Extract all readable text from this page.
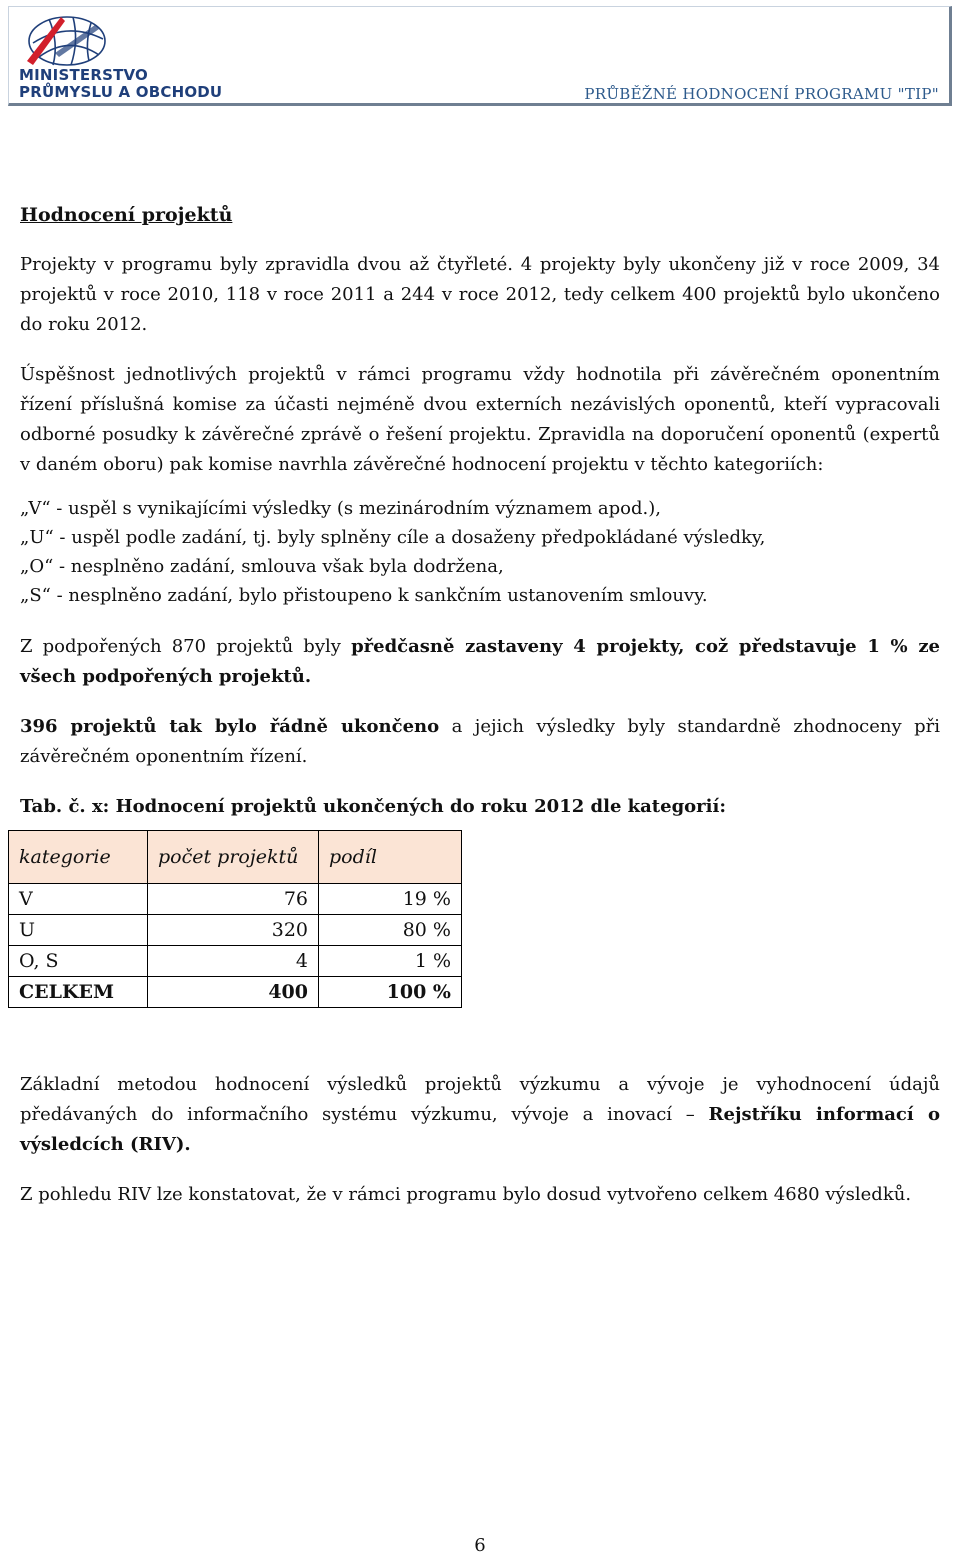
MINISTERSTVO
PRŮMYSLU A OBCHODU	PRŮBĚŽNÉ HODNOCENÍ PROGRAMU "TIP"
Hodnocení projektů

Projekty v programu byly zpravidla dvou až čtyřleté. 4 projekty byly ukončeny již v roce 2009, 34 projektů v roce 2010, 118 v roce 2011 a 244 v roce 2012, tedy celkem 400 projektů bylo ukončeno do roku 2012.

Úspěšnost jednotlivých projektů v rámci programu vždy hodnotila při závěrečném oponentním řízení příslušná komise za účasti nejméně dvou externích nezávislých oponentů, kteří vypracovali odborné posudky k závěrečné zprávě o řešení projektu. Zpravidla na doporučení oponentů (expertů v daném oboru) pak komise navrhla závěrečné hodnocení projektu v těchto kategoriích:

„V“ - uspěl s vynikajícími výsledky (s mezinárodním významem apod.),
„U“ - uspěl podle zadání, tj. byly splněny cíle a dosaženy předpokládané výsledky,
„O“ - nesplněno zadání, smlouva však byla dodržena,
„S“ - nesplněno zadání, bylo přistoupeno k sankčním ustanovením smlouvy.

Z podpořených 870 projektů byly předčasně zastaveny 4 projekty, což představuje 1 % ze všech podpořených projektů.

396 projektů tak bylo řádně ukončeno a jejich výsledky byly standardně zhodnoceny při závěrečném oponentním řízení.

Tab. č. x: Hodnocení projektů ukončených do roku 2012 dle kategorií:
kategorie	počet projektů	podíl
V	76	19 %
U	320	80 %
O, S	4	1 %
CELKEM	400	100 %

Základní metodou hodnocení výsledků projektů výzkumu a vývoje je vyhodnocení údajů předávaných do informačního systému výzkumu, vývoje a inovací – Rejstříku informací o výsledcích (RIV).

Z pohledu RIV lze konstatovat, že v rámci programu bylo dosud vytvořeno celkem 4680 výsledků.

6
